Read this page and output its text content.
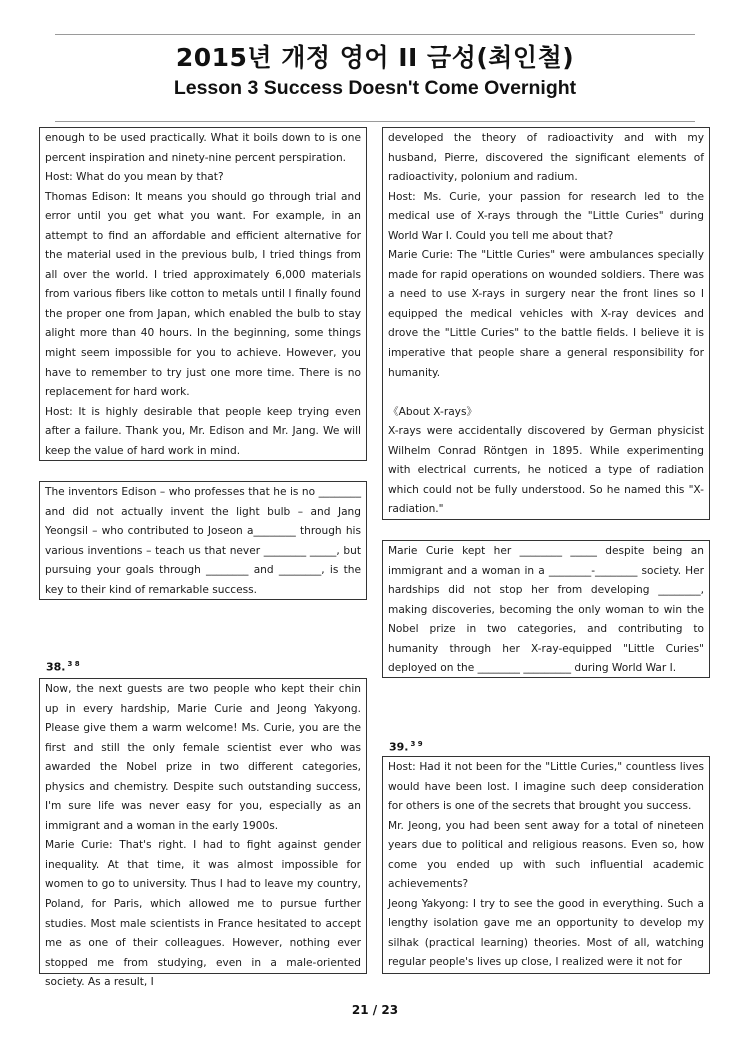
2015년 개정 영어 II 금성(최인철)
Lesson 3 Success Doesn't Come Overnight

enough to be used practically. What it boils down to is one percent inspiration and ninety-nine percent perspiration.

Host: What do you mean by that?

Thomas Edison: It means you should go through trial and error until you get what you want. For example, in an attempt to find an affordable and efficient alternative for the material used in the previous bulb, I tried things from all over the world. I tried approximately 6,000 materials from various fibers like cotton to metals until I finally found the proper one from Japan, which enabled the bulb to stay alight more than 40 hours. In the beginning, some things might seem impossible for you to achieve. However, you have to remember to try just one more time. There is no replacement for hard work.

Host: It is highly desirable that people keep trying even after a failure. Thank you, Mr. Edison and Mr. Jang. We will keep the value of hard work in mind.

The inventors Edison – who professes that he is no ________ and did not actually invent the light bulb – and Jang Yeongsil – who contributed to Joseon a________ through his various inventions – teach us that never ________ _____, but pursuing your goals through ________ and ________, is the key to their kind of remarkable success.

38. $^{3 8}$

Now, the next guests are two people who kept their chin up in every hardship, Marie Curie and Jeong Yakyong. Please give them a warm welcome! Ms. Curie, you are the first and still the only female scientist ever who was awarded the Nobel prize in two different categories, physics and chemistry. Despite such outstanding success, I'm sure life was never easy for you, especially as an immigrant and a woman in the early 1900s.

Marie Curie: That's right. I had to fight against gender inequality. At that time, it was almost impossible for women to go to university. Thus I had to leave my country, Poland, for Paris, which allowed me to pursue further studies. Most male scientists in France hesitated to accept me as one of their colleagues. However, nothing ever stopped me from studying, even in a male-oriented society. As a result, I

developed the theory of radioactivity and with my husband, Pierre, discovered the significant elements of radioactivity, polonium and radium.

Host: Ms. Curie, your passion for research led to the medical use of X-rays through the "Little Curies" during World War I. Could you tell me about that?

Marie Curie: The "Little Curies" were ambulances specially made for rapid operations on wounded soldiers. There was a need to use X-rays in surgery near the front lines so I equipped the medical vehicles with X-ray devices and drove the "Little Curies" to the battle fields. I believe it is imperative that people share a general responsibility for humanity.

《About X-rays》

X-rays were accidentally discovered by German physicist Wilhelm Conrad Röntgen in 1895. While experimenting with electrical currents, he noticed a type of radiation which could not be fully understood. So he named this "X-radiation."

Marie Curie kept her ________ _____ despite being an immigrant and a woman in a ________-________ society. Her hardships did not stop her from developing ________, making discoveries, becoming the only woman to win the Nobel prize in two categories, and contributing to humanity through her X-ray-equipped "Little Curies" deployed on the ________ _________ during World War I.

39. $^{3 9}$

Host: Had it not been for the "Little Curies," countless lives would have been lost. I imagine such deep consideration for others is one of the secrets that brought you success.

Mr. Jeong, you had been sent away for a total of nineteen years due to political and religious reasons. Even so, how come you ended up with such influential academic achievements?

Jeong Yakyong: I try to see the good in everything. Such a lengthy isolation gave me an opportunity to develop my silhak (practical learning) theories. Most of all, watching regular people's lives up close, I realized were it not for

21 / 23
